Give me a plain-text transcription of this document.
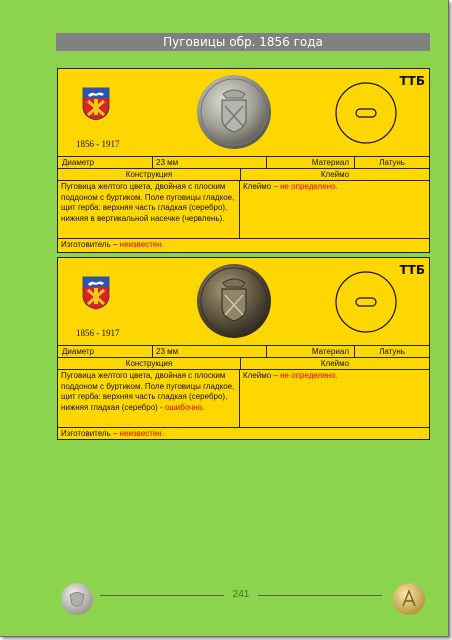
Пуговицы обр. 1856 года
1856 - 1917
ТТБ
Диаметр	23 мм	Материал	Латунь
Конструкция	Клеймо
Пуговица желтого цвета, двойная с плоским поддоном с буртиком. Поле пуговицы гладкое, щит герба: верхняя часть гладкая (серебро), нижняя в вертикальной насечке (червлень).
Клеймо – не определено.
Изготовитель – неизвестен.
1856 - 1917
ТТБ
Диаметр	23 мм	Материал	Латунь
Конструкция	Клеймо
Пуговица желтого цвета, двойная с плоским поддоном с буртиком. Поле пуговицы гладкое, щит герба: верхняя часть гладкая (серебро), нижняя гладкая (серебро) - ошибочно.
Клеймо – не определено.
Изготовитель – неизвестен.
241
